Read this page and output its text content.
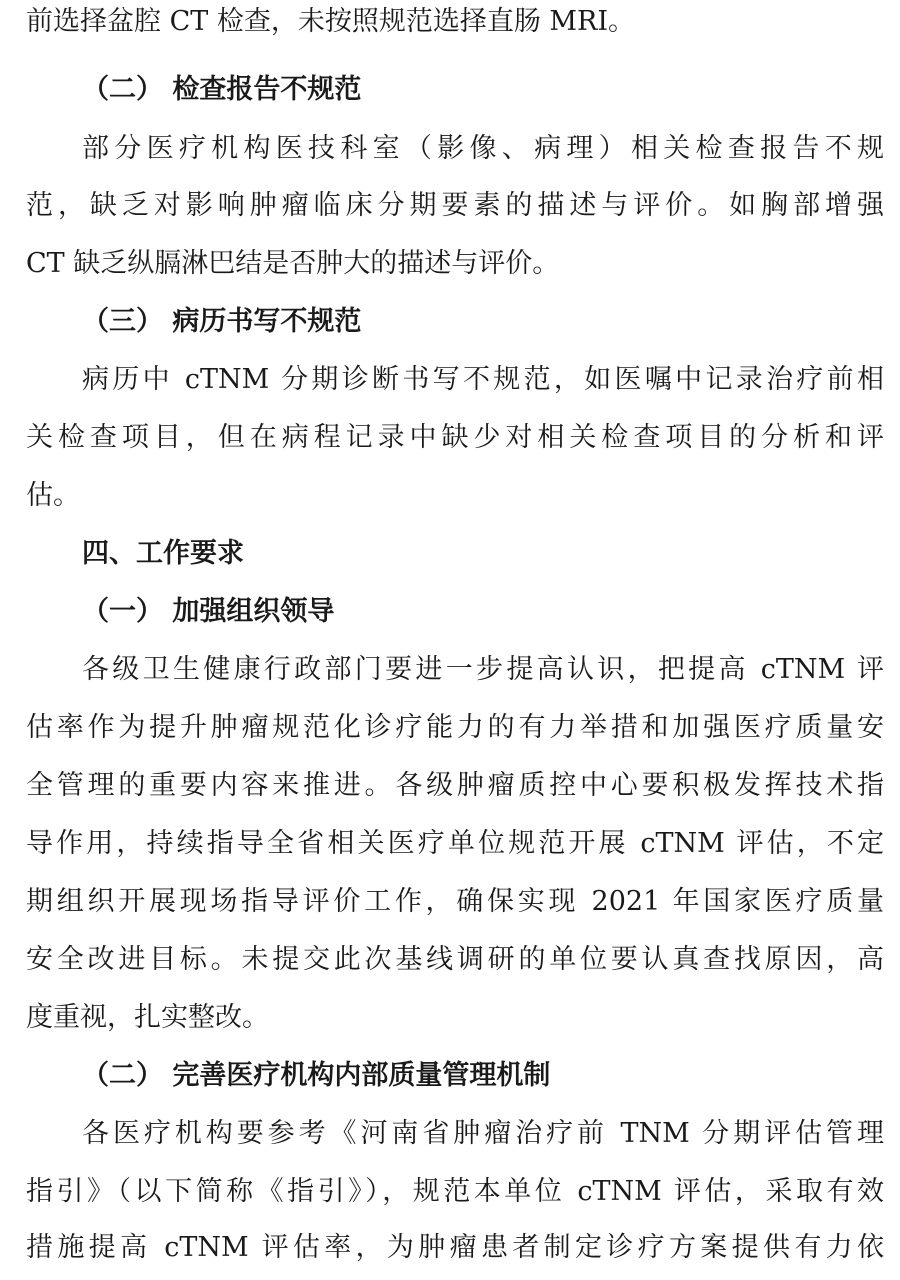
前选择盆腔 CT 检查，未按照规范选择直肠 MRI。
（二） 检查报告不规范
部分医疗机构医技科室（影像、病理）相关检查报告不规
范，缺乏对影响肿瘤临床分期要素的描述与评价。如胸部增强
CT 缺乏纵膈淋巴结是否肿大的描述与评价。
（三） 病历书写不规范
病历中 cTNM 分期诊断书写不规范，如医嘱中记录治疗前相
关检查项目，但在病程记录中缺少对相关检查项目的分析和评
估。
四、工作要求
（一） 加强组织领导
各级卫生健康行政部门要进一步提高认识，把提高 cTNM 评
估率作为提升肿瘤规范化诊疗能力的有力举措和加强医疗质量安
全管理的重要内容来推进。各级肿瘤质控中心要积极发挥技术指
导作用，持续指导全省相关医疗单位规范开展 cTNM 评估，不定
期组织开展现场指导评价工作，确保实现 2021 年国家医疗质量
安全改进目标。未提交此次基线调研的单位要认真查找原因，高
度重视，扎实整改。
（二） 完善医疗机构内部质量管理机制
各医疗机构要参考《河南省肿瘤治疗前 TNM 分期评估管理
指引》（以下简称《指引》），规范本单位 cTNM 评估，采取有效
措施提高 cTNM 评估率，为肿瘤患者制定诊疗方案提供有力依
